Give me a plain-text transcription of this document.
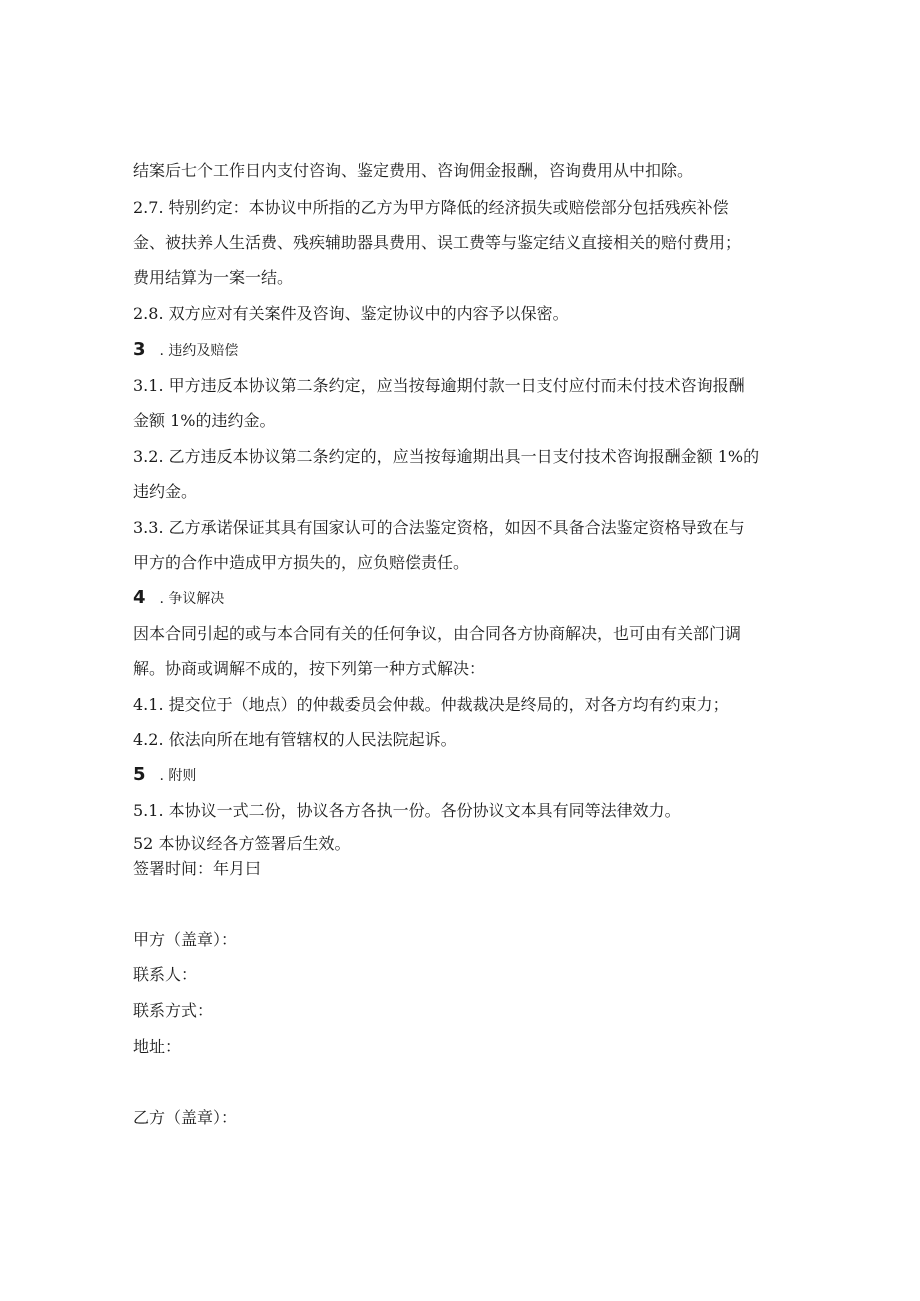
结案后七个工作日内支付咨询、鉴定费用、咨询佣金报酬，咨询费用从中扣除。
2.7. 特别约定：本协议中所指的乙方为甲方降低的经济损失或赔偿部分包括残疾补偿
金、被扶养人生活费、残疾辅助器具费用、误工费等与鉴定结义直接相关的赔付费用；
费用结算为一案一结。
2.8. 双方应对有关案件及咨询、鉴定协议中的内容予以保密。
3 . 违约及赔偿
3.1. 甲方违反本协议第二条约定，应当按每逾期付款一日支付应付而未付技术咨询报酬
金额 1%的违约金。
3.2. 乙方违反本协议第二条约定的，应当按每逾期出具一日支付技术咨询报酬金额 1%的
违约金。
3.3. 乙方承诺保证其具有国家认可的合法鉴定资格，如因不具备合法鉴定资格导致在与
甲方的合作中造成甲方损失的，应负赔偿责任。
4 . 争议解决
因本合同引起的或与本合同有关的任何争议，由合同各方协商解决，也可由有关部门调
解。协商或调解不成的，按下列第一种方式解决：
4.1. 提交位于（地点）的仲裁委员会仲裁。仲裁裁决是终局的，对各方均有约束力；
4.2. 依法向所在地有管辖权的人民法院起诉。
5 . 附则
5.1. 本协议一式二份，协议各方各执一份。各份协议文本具有同等法律效力。
52 本协议经各方签署后生效。
签署时间：年月曰
甲方（盖章）：
联系人：
联系方式：
地址：
乙方（盖章）：
